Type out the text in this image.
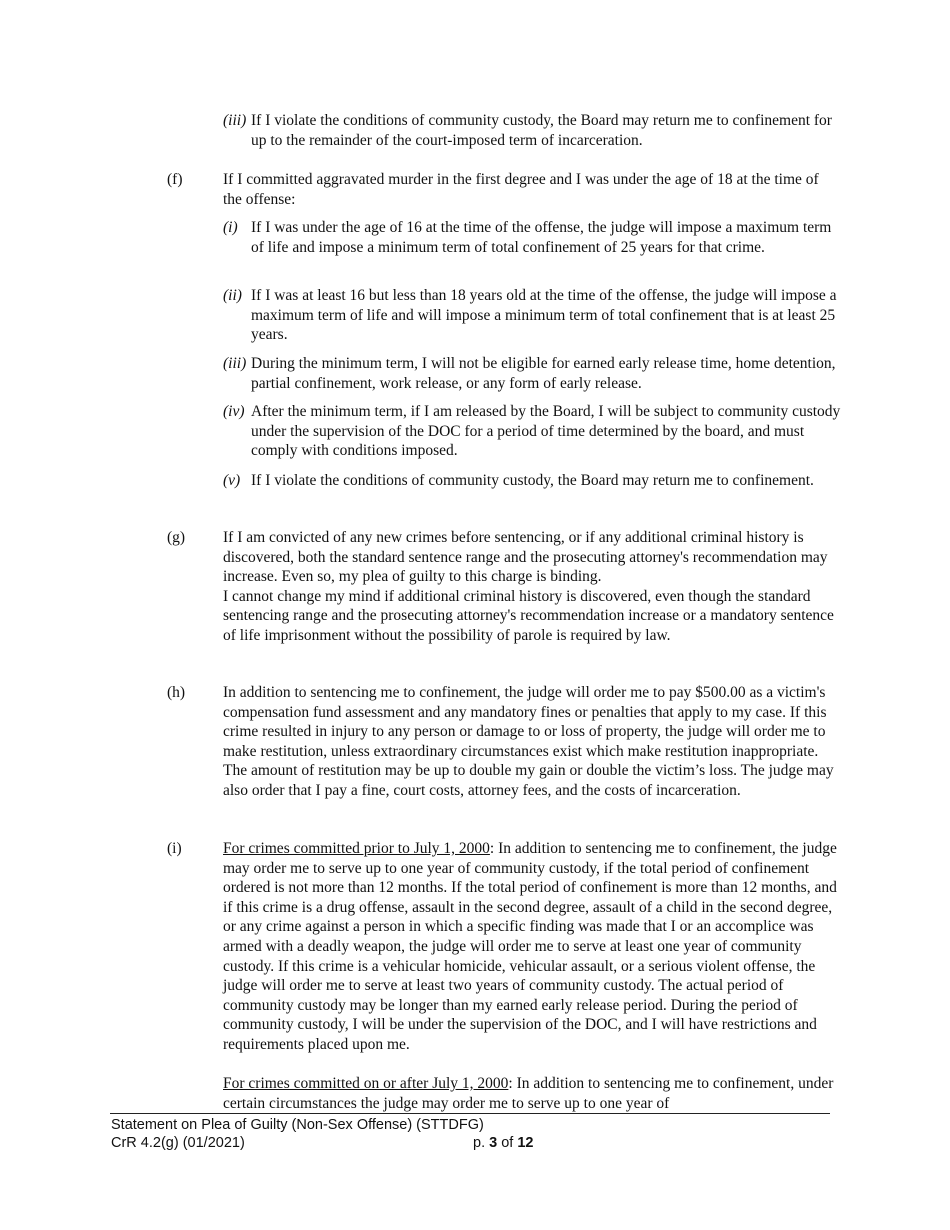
(iii) If I violate the conditions of community custody, the Board may return me to confinement for up to the remainder of the court-imposed term of incarceration.
(f)	If I committed aggravated murder in the first degree and I was under the age of 18 at the time of the offense:
(i) If I was under the age of 16 at the time of the offense, the judge will impose a maximum term of life and impose a minimum term of total confinement of 25 years for that crime.
(ii) If I was at least 16 but less than 18 years old at the time of the offense, the judge will impose a maximum term of life and will impose a minimum term of total confinement that is at least 25 years.
(iii) During the minimum term, I will not be eligible for earned early release time, home detention, partial confinement, work release, or any form of early release.
(iv) After the minimum term, if I am released by the Board, I will be subject to community custody under the supervision of the DOC for a period of time determined by the board, and must comply with conditions imposed.
(v) If I violate the conditions of community custody, the Board may return me to confinement.
(g) If I am convicted of any new crimes before sentencing, or if any additional criminal history is discovered, both the standard sentence range and the prosecuting attorney's recommendation may increase. Even so, my plea of guilty to this charge is binding.
I cannot change my mind if additional criminal history is discovered, even though the standard sentencing range and the prosecuting attorney's recommendation increase or a mandatory sentence of life imprisonment without the possibility of parole is required by law.
(h) In addition to sentencing me to confinement, the judge will order me to pay $500.00 as a victim's compensation fund assessment and any mandatory fines or penalties that apply to my case. If this crime resulted in injury to any person or damage to or loss of property, the judge will order me to make restitution, unless extraordinary circumstances exist which make restitution inappropriate. The amount of restitution may be up to double my gain or double the victim’s loss. The judge may also order that I pay a fine, court costs, attorney fees, and the costs of incarceration.
(i)	For crimes committed prior to July 1, 2000: In addition to sentencing me to confinement, the judge may order me to serve up to one year of community custody, if the total period of confinement ordered is not more than 12 months. If the total period of confinement is more than 12 months, and if this crime is a drug offense, assault in the second degree, assault of a child in the second degree, or any crime against a person in which a specific finding was made that I or an accomplice was armed with a deadly weapon, the judge will order me to serve at least one year of community custody. If this crime is a vehicular homicide, vehicular assault, or a serious violent offense, the judge will order me to serve at least two years of community custody. The actual period of community custody may be longer than my earned early release period. During the period of community custody, I will be under the supervision of the DOC, and I will have restrictions and requirements placed upon me.
For crimes committed on or after July 1, 2000: In addition to sentencing me to confinement, under certain circumstances the judge may order me to serve up to one year of
Statement on Plea of Guilty (Non-Sex Offense) (STTDFG)
CrR 4.2(g) (01/2021)	p. 3 of 12
